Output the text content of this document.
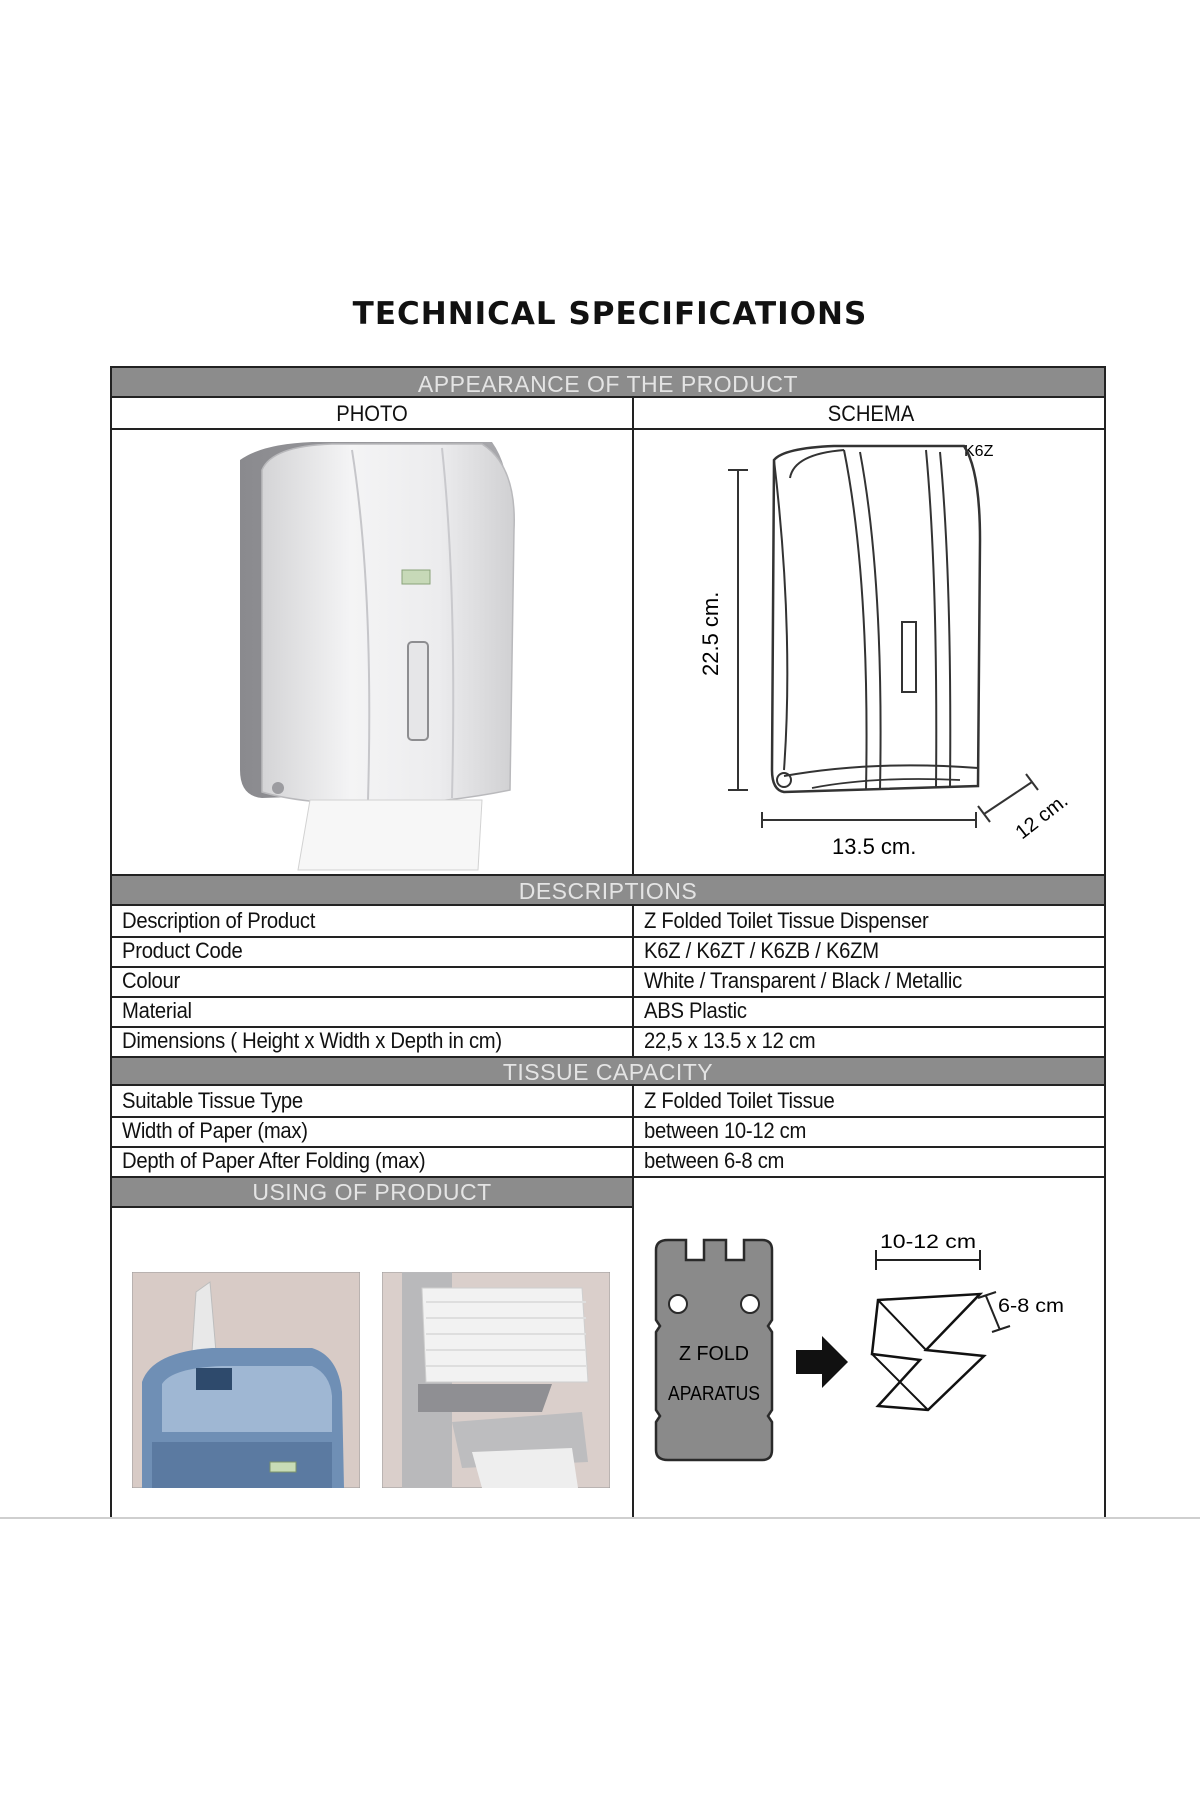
TECHNICAL SPECIFICATIONS
APPEARANCE OF THE PRODUCT
PHOTO	SCHEMA
K6Z
22.5 cm.
13.5 cm.
12 cm.
DESCRIPTIONS
Description of Product	Z Folded Toilet Tissue Dispenser
Product Code	K6Z / K6ZT / K6ZB / K6ZM
Colour	White / Transparent / Black / Metallic
Material	ABS Plastic
Dimensions ( Height x Width x Depth in cm)	22,5 x 13.5 x 12 cm
TISSUE CAPACITY
Suitable Tissue Type	Z Folded Toilet Tissue
Width of Paper (max)	between 10-12 cm
Depth of Paper After Folding (max)	between 6-8 cm
USING OF PRODUCT
Z FOLD
APARATUS
10-12 cm
6-8 cm
